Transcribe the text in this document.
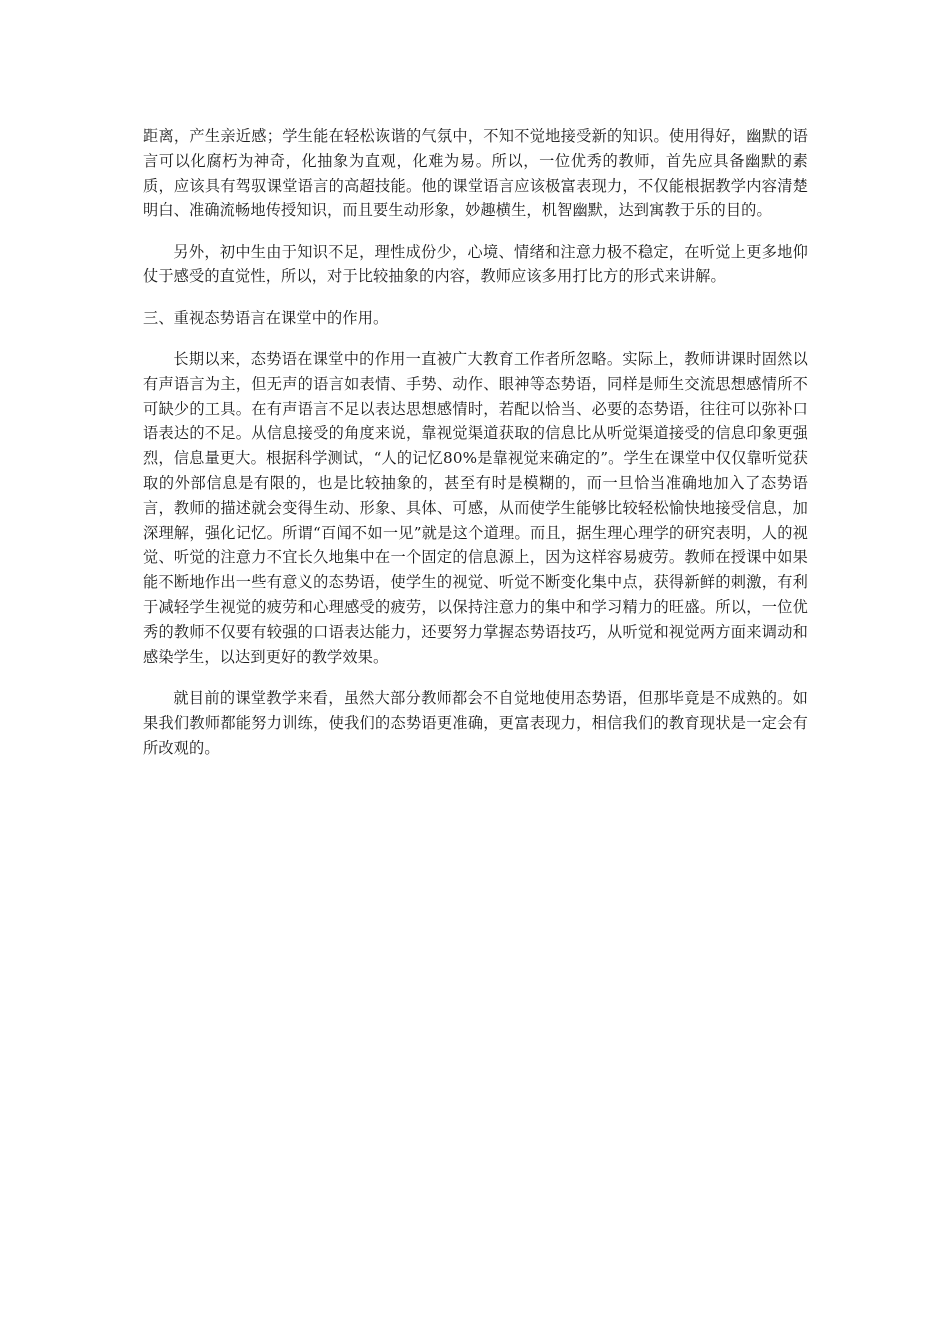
距离，产生亲近感；学生能在轻松诙谐的气氛中，不知不觉地接受新的知识。使用得好，幽默的语言可以化腐朽为神奇，化抽象为直观，化难为易。所以，一位优秀的教师，首先应具备幽默的素质，应该具有驾驭课堂语言的高超技能。他的课堂语言应该极富表现力，不仅能根据教学内容清楚明白、准确流畅地传授知识，而且要生动形象，妙趣横生，机智幽默，达到寓教于乐的目的。

另外，初中生由于知识不足，理性成份少，心境、情绪和注意力极不稳定，在听觉上更多地仰仗于感受的直觉性，所以，对于比较抽象的内容，教师应该多用打比方的形式来讲解。

三、重视态势语言在课堂中的作用。

长期以来，态势语在课堂中的作用一直被广大教育工作者所忽略。实际上，教师讲课时固然以有声语言为主，但无声的语言如表情、手势、动作、眼神等态势语，同样是师生交流思想感情所不可缺少的工具。在有声语言不足以表达思想感情时，若配以恰当、必要的态势语，往往可以弥补口语表达的不足。从信息接受的角度来说，靠视觉渠道获取的信息比从听觉渠道接受的信息印象更强烈，信息量更大。根据科学测试，“人的记忆80%是靠视觉来确定的”。学生在课堂中仅仅靠听觉获取的外部信息是有限的，也是比较抽象的，甚至有时是模糊的，而一旦恰当准确地加入了态势语言，教师的描述就会变得生动、形象、具体、可感，从而使学生能够比较轻松愉快地接受信息，加深理解，强化记忆。所谓“百闻不如一见”就是这个道理。而且，据生理心理学的研究表明，人的视觉、听觉的注意力不宜长久地集中在一个固定的信息源上，因为这样容易疲劳。教师在授课中如果能不断地作出一些有意义的态势语，使学生的视觉、听觉不断变化集中点，获得新鲜的刺激，有利于减轻学生视觉的疲劳和心理感受的疲劳，以保持注意力的集中和学习精力的旺盛。所以，一位优秀的教师不仅要有较强的口语表达能力，还要努力掌握态势语技巧，从听觉和视觉两方面来调动和感染学生，以达到更好的教学效果。

就目前的课堂教学来看，虽然大部分教师都会不自觉地使用态势语，但那毕竟是不成熟的。如果我们教师都能努力训练，使我们的态势语更准确，更富表现力，相信我们的教育现状是一定会有所改观的。
